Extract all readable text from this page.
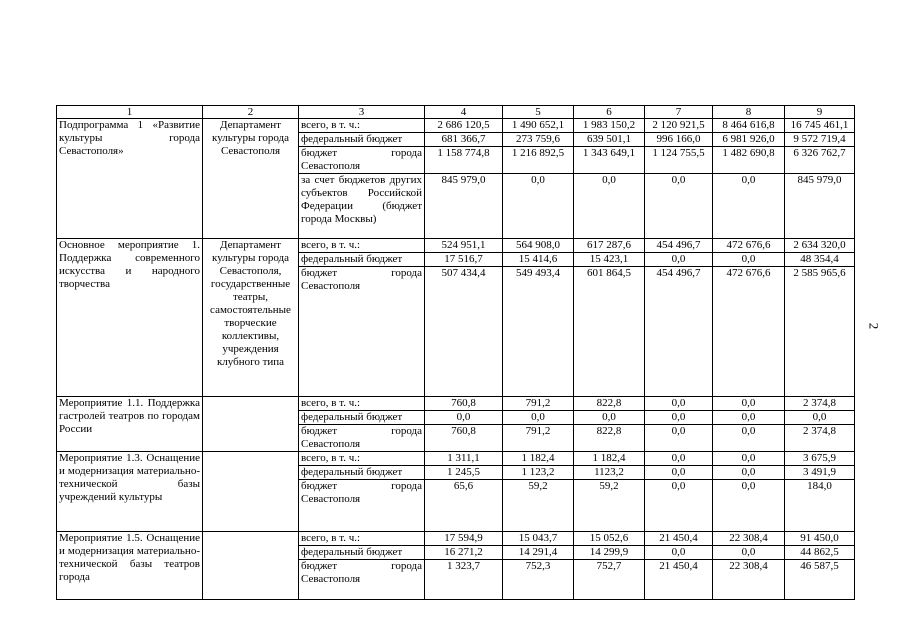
2
1	2	3	4	5	6	7	8	9
Подпрограмма 1 «Развитие культуры города Севастополя»	Департамент культуры города Севастополя	всего, в т. ч.:	2 686 120,5	1 490 652,1	1 983 150,2	2 120 921,5	8 464 616,8	16 745 461,1
		федеральный бюджет	681 366,7	273 759,6	639 501,1	996 166,0	6 981 926,0	9 572 719,4
		бюджет города Севастополя	1 158 774,8	1 216 892,5	1 343 649,1	1 124 755,5	1 482 690,8	6 326 762,7
		за счет бюджетов других субъектов Российской Федерации (бюджет города Москвы)	845 979,0	0,0	0,0	0,0	0,0	845 979,0
Основное мероприятие 1. Поддержка современного искусства и народного творчества	Департамент культуры города Севастополя, государственные театры, самостоятельные творческие коллективы, учреждения клубного типа	всего, в т. ч.:	524 951,1	564 908,0	617 287,6	454 496,7	472 676,6	2 634 320,0
		федеральный бюджет	17 516,7	15 414,6	15 423,1	0,0	0,0	48 354,4
		бюджет города Севастополя	507 434,4	549 493,4	601 864,5	454 496,7	472 676,6	2 585 965,6
Мероприятие 1.1. Поддержка гастролей театров по городам России		всего, в т. ч.:	760,8	791,2	822,8	0,0	0,0	2 374,8
		федеральный бюджет	0,0	0,0	0,0	0,0	0,0	0,0
		бюджет города Севастополя	760,8	791,2	822,8	0,0	0,0	2 374,8
Мероприятие 1.3. Оснащение и модернизация материально-технической базы учреждений культуры		всего, в т. ч.:	1 311,1	1 182,4	1 182,4	0,0	0,0	3 675,9
		федеральный бюджет	1 245,5	1 123,2	1123,2	0,0	0,0	3 491,9
		бюджет города Севастополя	65,6	59,2	59,2	0,0	0,0	184,0
Мероприятие 1.5. Оснащение и модернизация материально-технической базы театров города		всего, в т. ч.:	17 594,9	15 043,7	15 052,6	21 450,4	22 308,4	91 450,0
		федеральный бюджет	16 271,2	14 291,4	14 299,9	0,0	0,0	44 862,5
		бюджет города Севастополя	1 323,7	752,3	752,7	21 450,4	22 308,4	46 587,5
